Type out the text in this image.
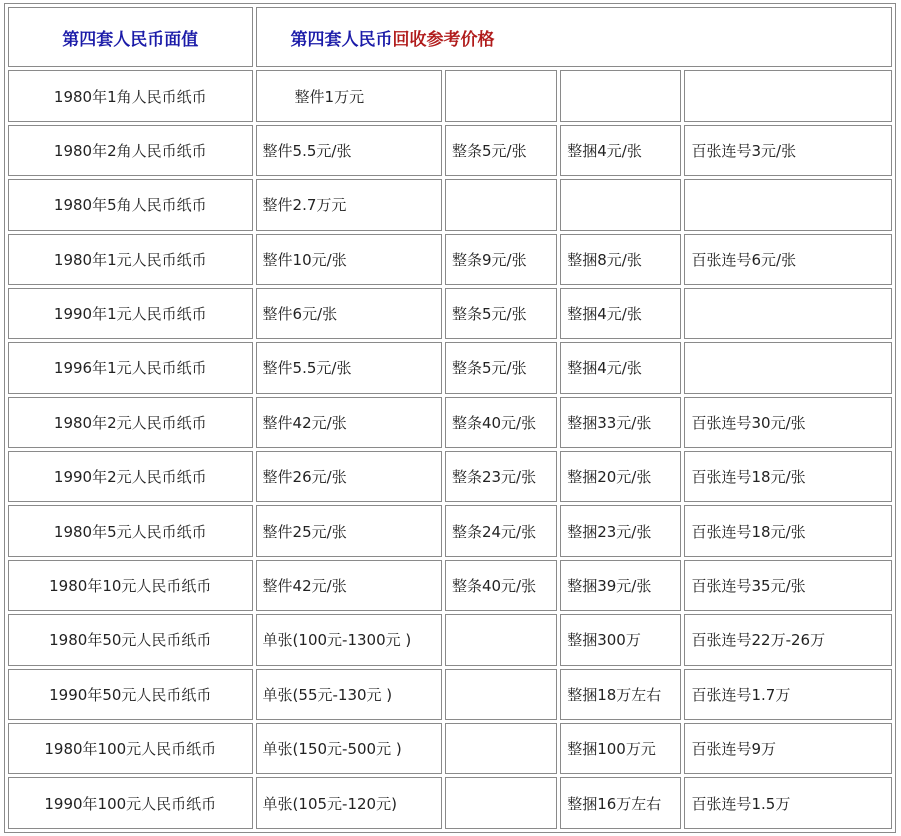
第四套人民币面值	第四套人民币回收参考价格			
1980年1角人民币纸币	整件1万元			
1980年2角人民币纸币	整件5.5元/张	整条5元/张	整捆4元/张	百张连号3元/张
1980年5角人民币纸币	整件2.7万元			
1980年1元人民币纸币	整件10元/张	整条9元/张	整捆8元/张	百张连号6元/张
1990年1元人民币纸币	整件6元/张	整条5元/张	整捆4元/张	
1996年1元人民币纸币	整件5.5元/张	整条5元/张	整捆4元/张	
1980年2元人民币纸币	整件42元/张	整条40元/张	整捆33元/张	百张连号30元/张
1990年2元人民币纸币	整件26元/张	整条23元/张	整捆20元/张	百张连号18元/张
1980年5元人民币纸币	整件25元/张	整条24元/张	整捆23元/张	百张连号18元/张
1980年10元人民币纸币	整件42元/张	整条40元/张	整捆39元/张	百张连号35元/张
1980年50元人民币纸币	单张(100元-1300元 )		整捆300万	百张连号22万-26万
1990年50元人民币纸币	单张(55元-130元 )		整捆18万左右	百张连号1.7万
1980年100元人民币纸币	单张(150元-500元 )		整捆100万元	百张连号9万
1990年100元人民币纸币	单张(105元-120元)		整捆16万左右	百张连号1.5万
